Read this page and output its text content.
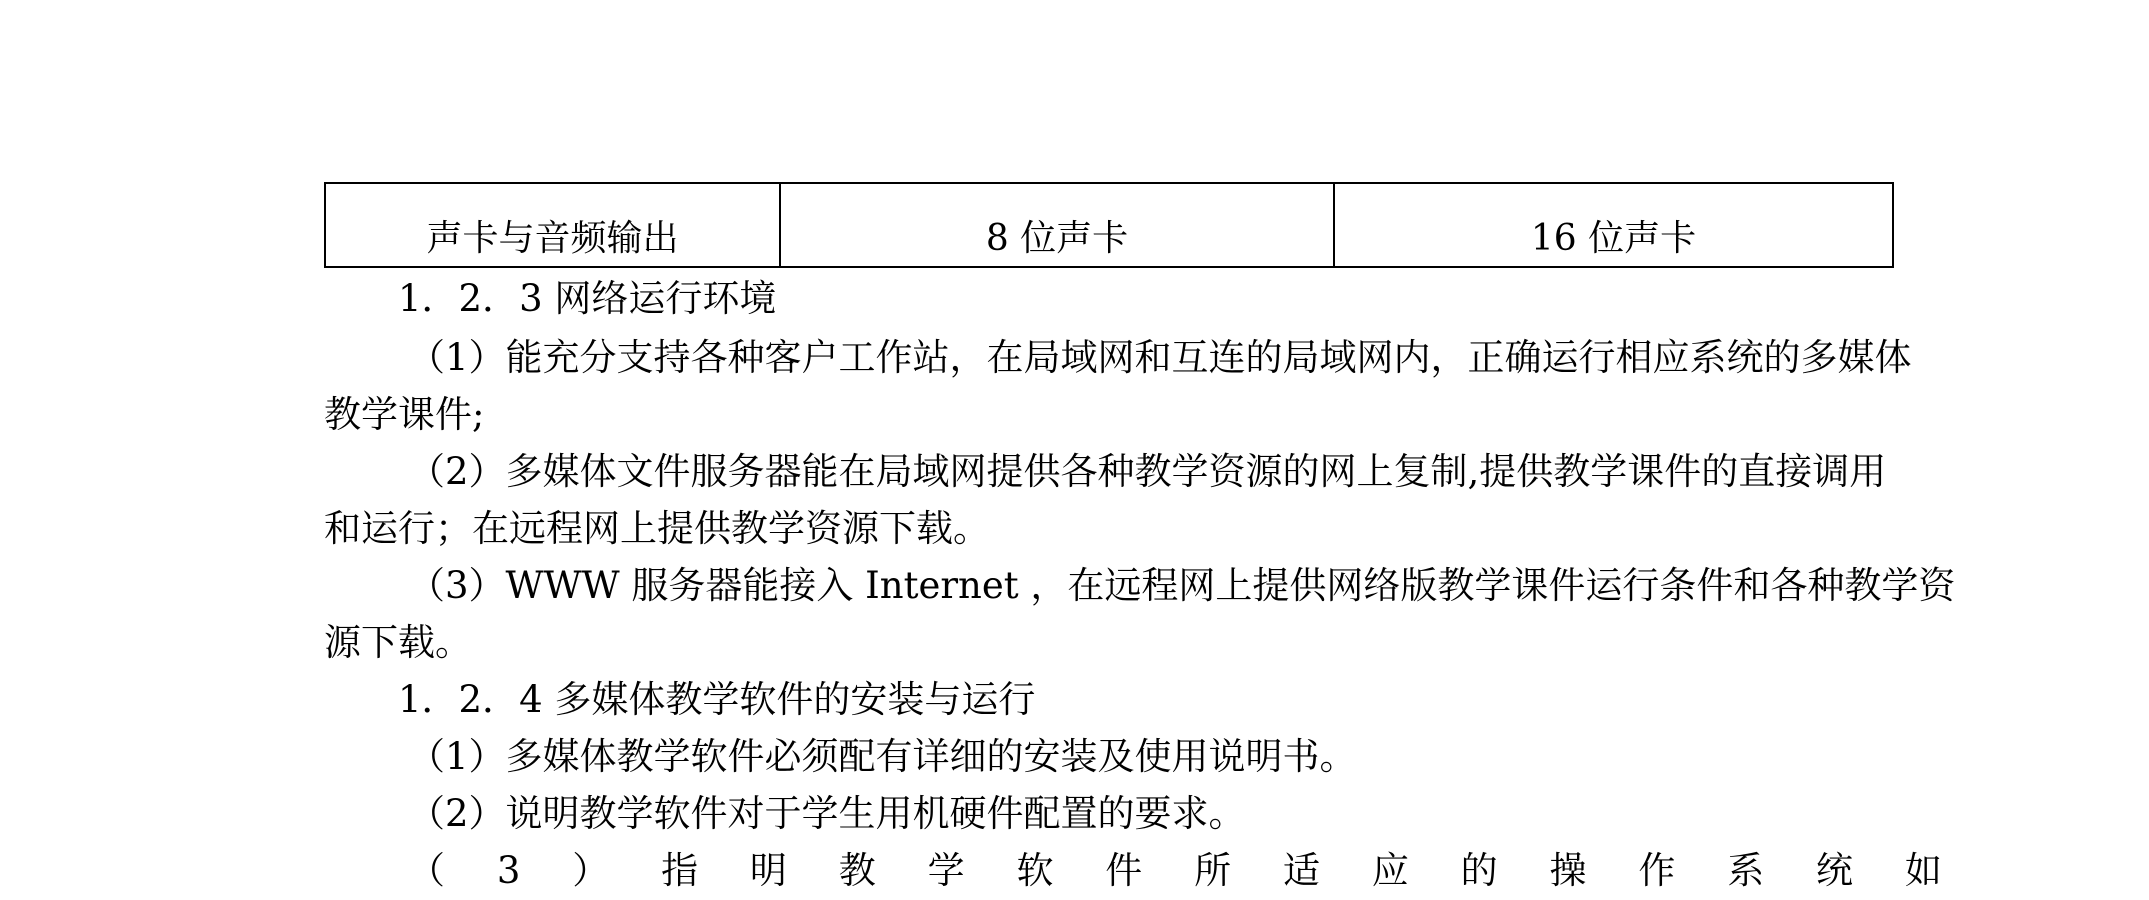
声卡与音频输出	8 位声卡	16 位声卡
1．2．3 网络运行环境
（1）能充分支持各种客户工作站，在局域网和互连的局域网内，正确运行相应系统的多媒体
教学课件;
（2）多媒体文件服务器能在局域网提供各种教学资源的网上复制,提供教学课件的直接调用
和运行；在远程网上提供教学资源下载。
（3）WWW 服务器能接入 Internet ，在远程网上提供网络版教学课件运行条件和各种教学资
源下载。
1．2．4 多媒体教学软件的安装与运行
（1）多媒体教学软件必须配有详细的安装及使用说明书。
（2）说明教学软件对于学生用机硬件配置的要求。
（ 3 ） 指 明 教 学 软 件 所 适 应 的 操 作 系 统 如
